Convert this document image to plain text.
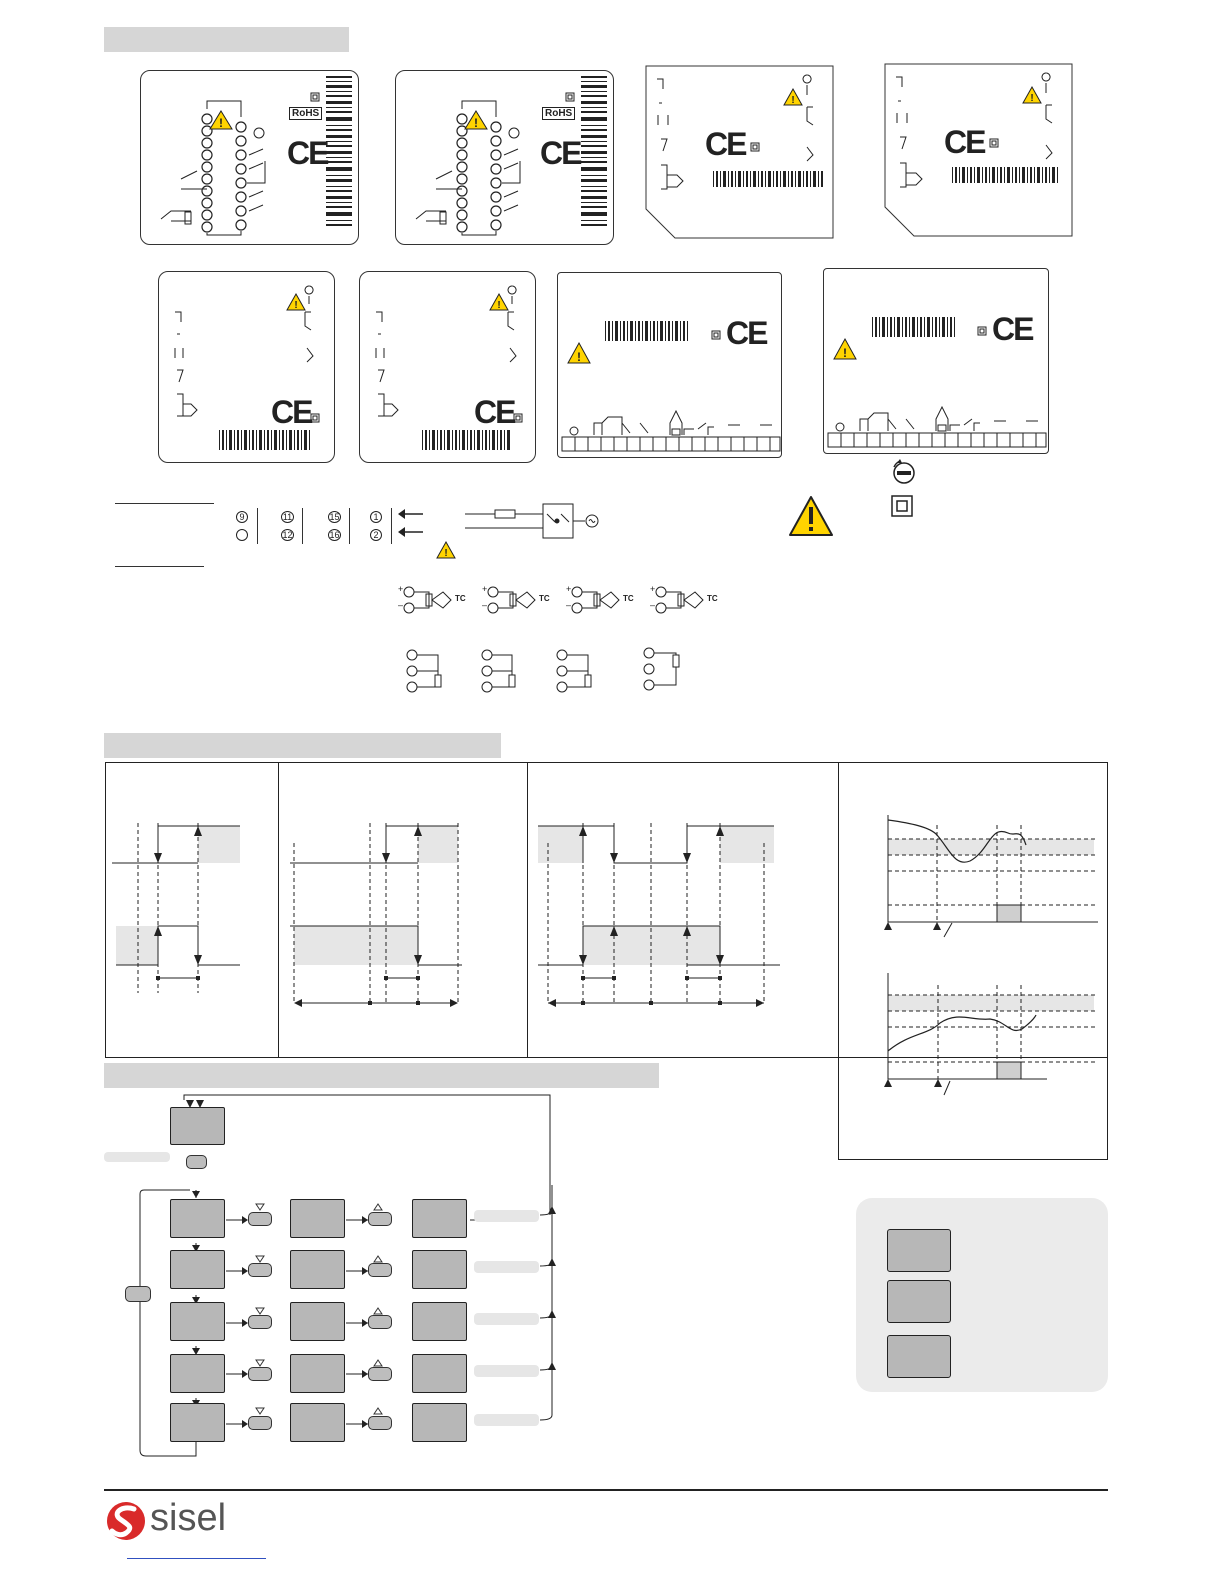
!
RoHS
CE
!
RoHS
CE
!
CE
!
CE
!
CE
!
CE
!
CE
!
CE
9	11
12
15
16
1
2
!
TC	TC	TC	TC
+
–
+
–
+
–
+
–
sisel
